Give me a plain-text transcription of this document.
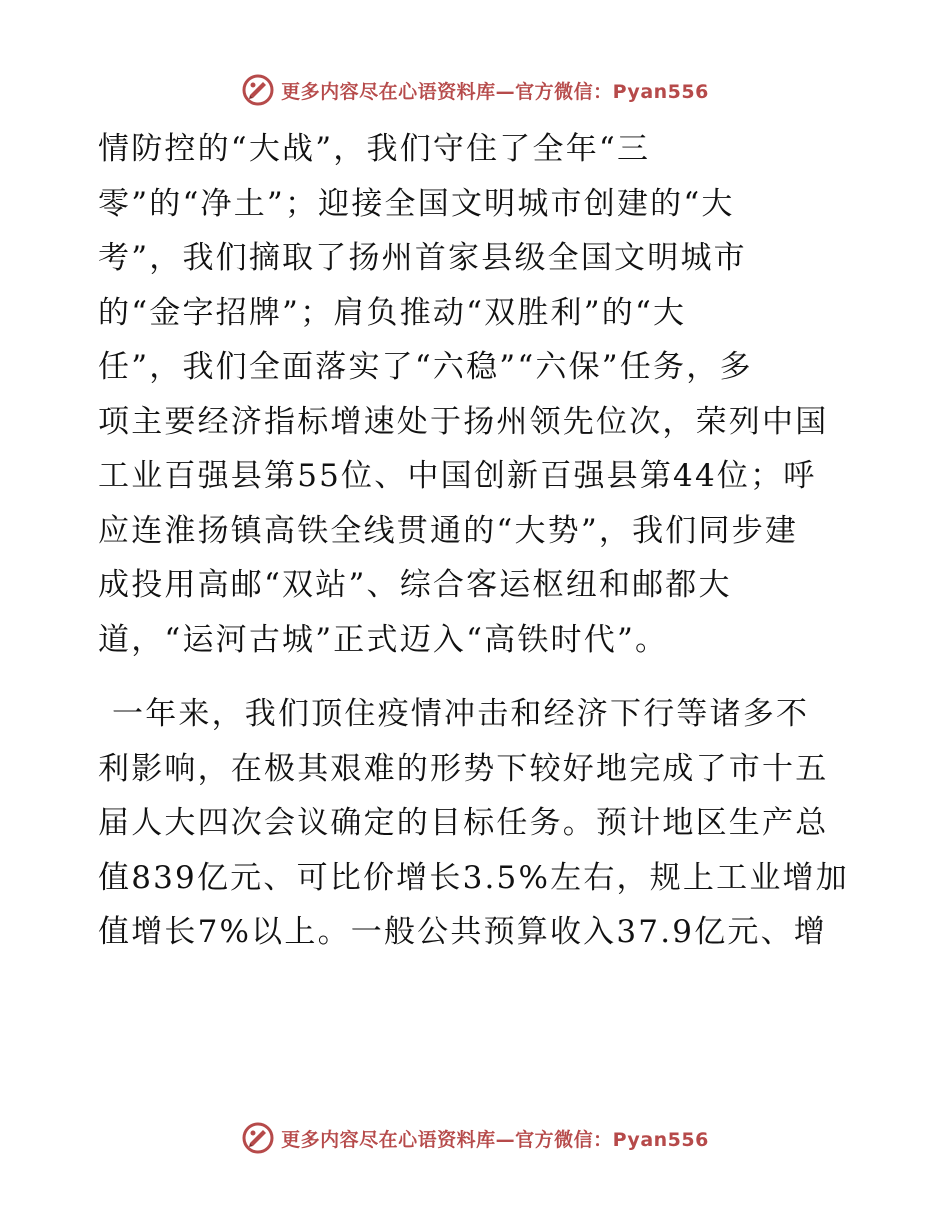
更多内容尽在心语资料库—官方微信：Pyan556
情防控的“大战”，我们守住了全年“三
零”的“净土”；迎接全国文明城市创建的“大
考”，我们摘取了扬州首家县级全国文明城市
的“金字招牌”；肩负推动“双胜利”的“大
任”，我们全面落实了“六稳”“六保”任务，多
项主要经济指标增速处于扬州领先位次，荣列中国
工业百强县第55位、中国创新百强县第44位；呼
应连淮扬镇高铁全线贯通的“大势”，我们同步建
成投用高邮“双站”、综合客运枢纽和邮都大
道，“运河古城”正式迈入“高铁时代”。
一年来，我们顶住疫情冲击和经济下行等诸多不
利影响，在极其艰难的形势下较好地完成了市十五
届人大四次会议确定的目标任务。预计地区生产总
值839亿元、可比价增长3.5%左右，规上工业增加
值增长7%以上。一般公共预算收入37.9亿元、增
更多内容尽在心语资料库—官方微信：Pyan556
